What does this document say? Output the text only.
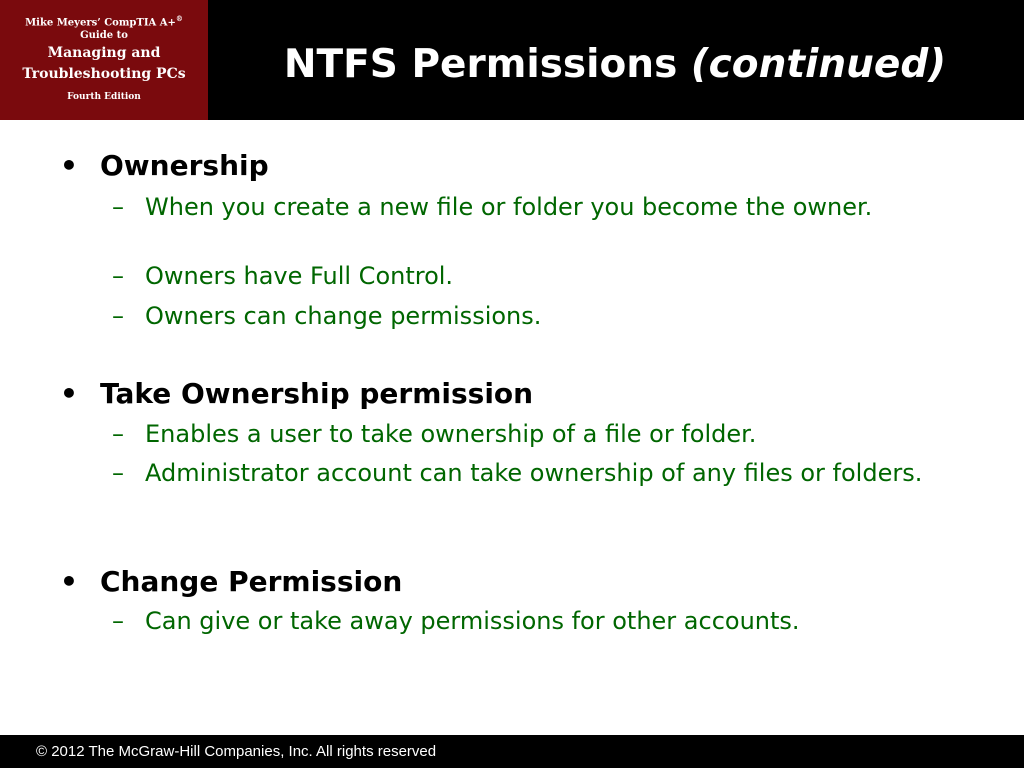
Mike Meyers’ CompTIA A+®
Guide to
Managing and
Troubleshooting PCs
Fourth Edition
NTFS Permissions (continued)
• Ownership
– When you create a new file or folder you become the owner.
– Owners have Full Control.
– Owners can change permissions.
• Take Ownership permission
– Enables a user to take ownership of a file or folder.
– Administrator account can take ownership of any files or folders.
• Change Permission
– Can give or take away permissions for other accounts.
© 2012 The McGraw-Hill Companies, Inc. All rights reserved
